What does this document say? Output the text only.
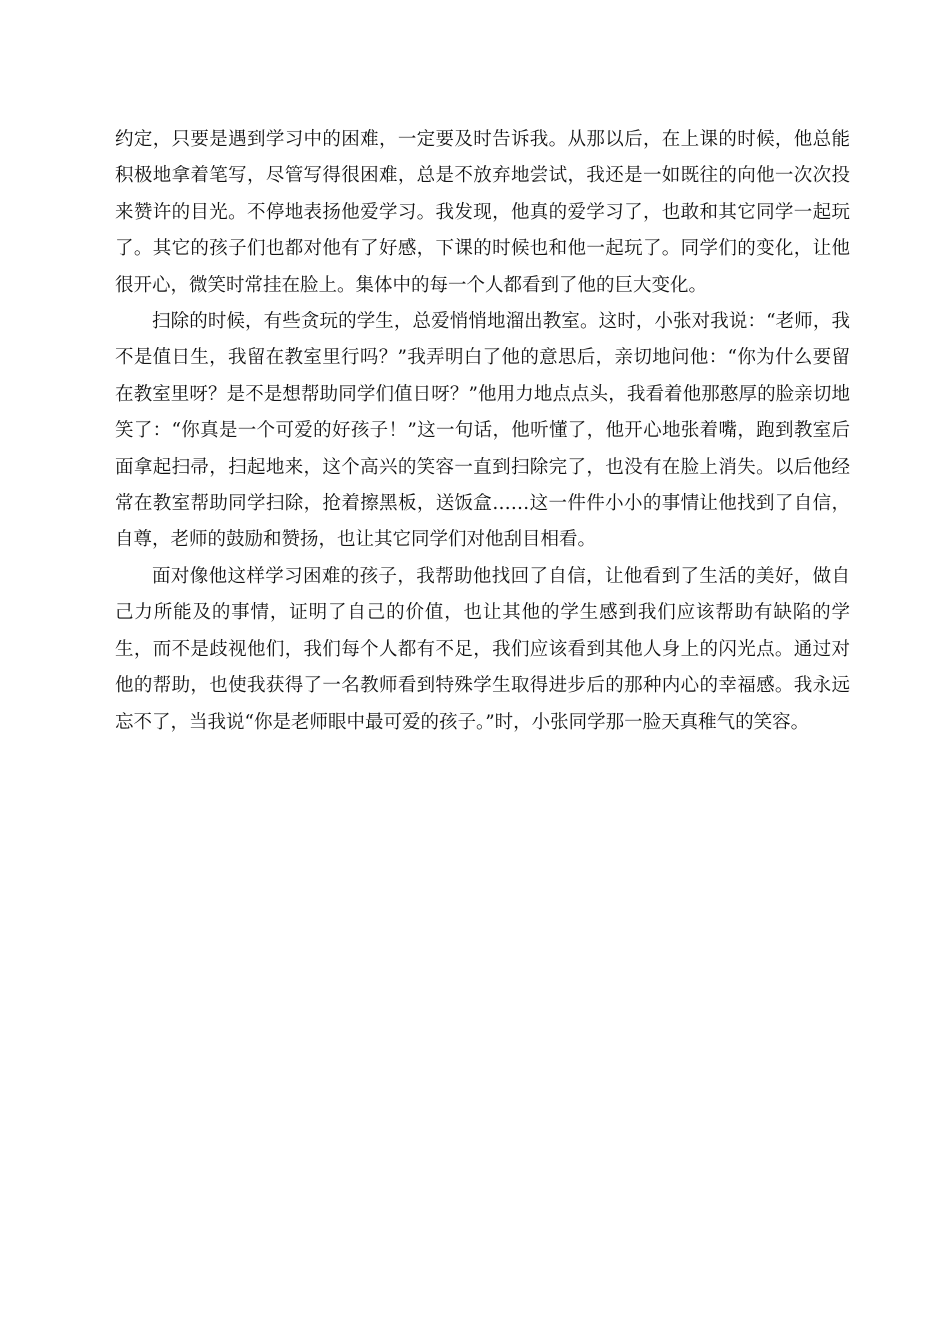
约定，只要是遇到学习中的困难，一定要及时告诉我。从那以后，在上课的时候，他总能积极地拿着笔写，尽管写得很困难，总是不放弃地尝试，我还是一如既往的向他一次次投来赞许的目光。不停地表扬他爱学习。我发现，他真的爱学习了，也敢和其它同学一起玩了。其它的孩子们也都对他有了好感，下课的时候也和他一起玩了。同学们的变化，让他很开心，微笑时常挂在脸上。集体中的每一个人都看到了他的巨大变化。

扫除的时候，有些贪玩的学生，总爱悄悄地溜出教室。这时，小张对我说：“老师，我不是值日生，我留在教室里行吗？”我弄明白了他的意思后，亲切地问他：“你为什么要留在教室里呀？是不是想帮助同学们值日呀？”他用力地点点头，我看着他那憨厚的脸亲切地笑了：“你真是一个可爱的好孩子！”这一句话，他听懂了，他开心地张着嘴，跑到教室后面拿起扫帚，扫起地来，这个高兴的笑容一直到扫除完了，也没有在脸上消失。以后他经常在教室帮助同学扫除，抢着擦黑板，送饭盒……这一件件小小的事情让他找到了自信，自尊，老师的鼓励和赞扬，也让其它同学们对他刮目相看。

面对像他这样学习困难的孩子，我帮助他找回了自信，让他看到了生活的美好，做自己力所能及的事情，证明了自己的价值，也让其他的学生感到我们应该帮助有缺陷的学生，而不是歧视他们，我们每个人都有不足，我们应该看到其他人身上的闪光点。通过对他的帮助，也使我获得了一名教师看到特殊学生取得进步后的那种内心的幸福感。我永远忘不了，当我说“你是老师眼中最可爱的孩子。”时，小张同学那一脸天真稚气的笑容。
